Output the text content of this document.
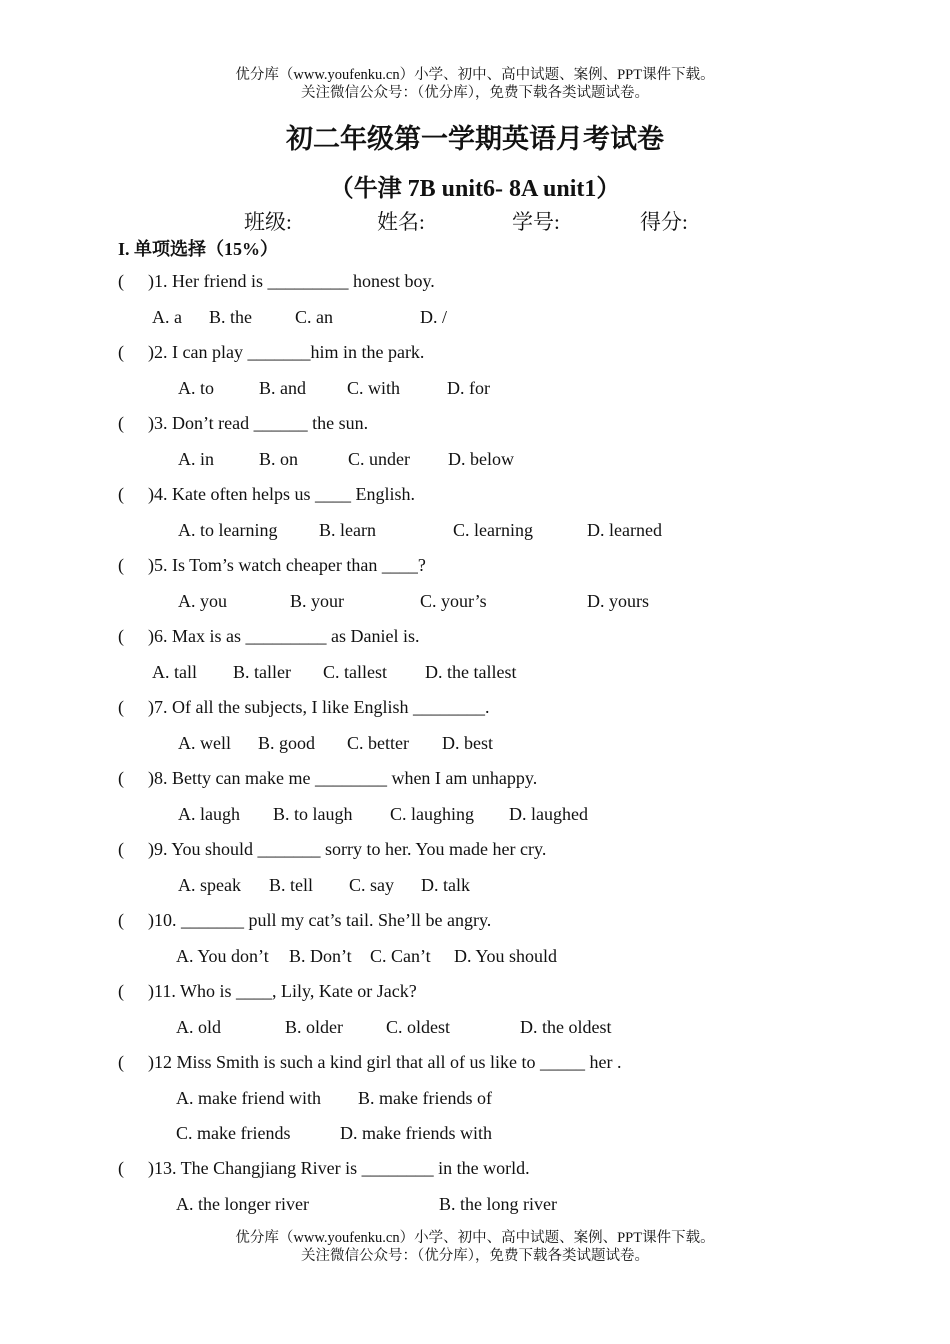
优分库（www.youfenku.cn）小学、初中、高中试题、案例、PPT课件下载。
关注微信公众号：（优分库），免费下载各类试题试卷。
初二年级第一学期英语月考试卷
（牛津 7B unit6- 8A unit1）
班级:	姓名:	学号:	得分:
I. 单项选择（15%）
( )1. Her friend is _________ honest boy.
A. a B. the C. an	D. /
( )2. I can play _______him in the park.
A. to	B. and C. with	D. for
( )3. Don’t read ______ the sun.
A. in	B. on	C. under D. below
( )4. Kate often helps us ____ English.
A. to learning B. learn	C. learning	D. learned
( )5. Is Tom’s watch cheaper than ____?
A. you	B. your	C. your’s	D. yours
( )6. Max is as _________ as Daniel is.
A. tall B. taller C. tallest D. the tallest
( )7. Of all the subjects, I like English ________.
A. well B. good C. better D. best
( )8. Betty can make me ________ when I am unhappy.
A. laugh B. to laugh C. laughing D. laughed
( )9. You should _______ sorry to her. You made her cry.
A. speak B. tell C. say D. talk
( )10. _______ pull my cat’s tail. She’ll be angry.
A. You don’t B. Don’t C. Can’t D. You should
( )11. Who is ____, Lily, Kate or Jack?
A. old	B. older C. oldest	D. the oldest
( )12 Miss Smith is such a kind girl that all of us like to _____ her .
A. make friend with B. make friends of
C. make friends	D. make friends with
( )13. The Changjiang River is ________ in the world.
A. the longer river	B. the long river
优分库（www.youfenku.cn）小学、初中、高中试题、案例、PPT课件下载。
关注微信公众号：（优分库），免费下载各类试题试卷。
